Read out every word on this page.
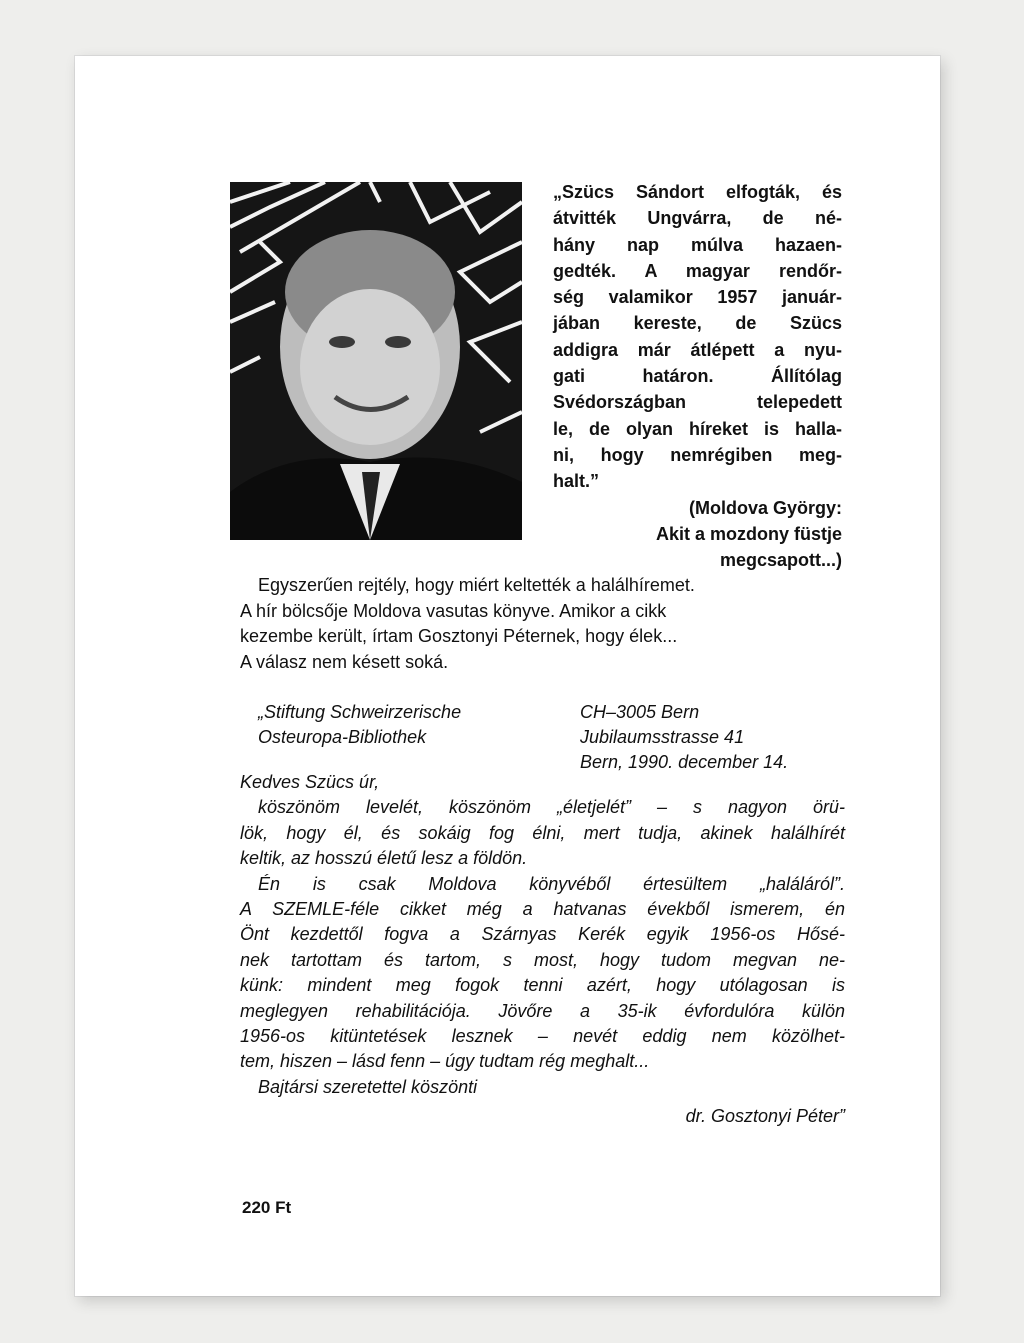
„Szücs Sándort elfogták, és
átvitték Ungvárra, de né-
hány nap múlva hazaen-
gedték. A magyar rendőr-
ség valamikor 1957 január-
jában kereste, de Szücs
addigra már átlépett a nyu-
gati határon. Állítólag
Svédországban telepedett
le, de olyan híreket is halla-
ni, hogy nemrégiben meg-
halt.”
(Moldova György:
Akit a mozdony füstje
megcsapott...)
Egyszerűen rejtély, hogy miért keltették a halálhíremet.
A hír bölcsője Moldova vasutas könyve. Amikor a cikk
kezembe került, írtam Gosztonyi Péternek, hogy élek...
A válasz nem késett soká.
„Stiftung Schweirzerische
Osteuropa-Bibliothek
CH–3005 Bern
Jubilaumsstrasse 41
Bern, 1990. december 14.
Kedves Szücs úr,
köszönöm levelét, köszönöm „életjelét” – s nagyon örü-
lök, hogy él, és sokáig fog élni, mert tudja, akinek halálhírét
keltik, az hosszú életű lesz a földön.
Én is csak Moldova könyvéből értesültem „haláláról”.
A SZEMLE-féle cikket még a hatvanas évekből ismerem, én
Önt kezdettől fogva a Szárnyas Kerék egyik 1956-os Hősé-
nek tartottam és tartom, s most, hogy tudom megvan ne-
künk: mindent meg fogok tenni azért, hogy utólagosan is
meglegyen rehabilitációja. Jövőre a 35-ik évfordulóra külön
1956-os kitüntetések lesznek – nevét eddig nem közölhet-
tem, hiszen – lásd fenn – úgy tudtam rég meghalt...
Bajtársi szeretettel köszönti
dr. Gosztonyi Péter”
220 Ft
